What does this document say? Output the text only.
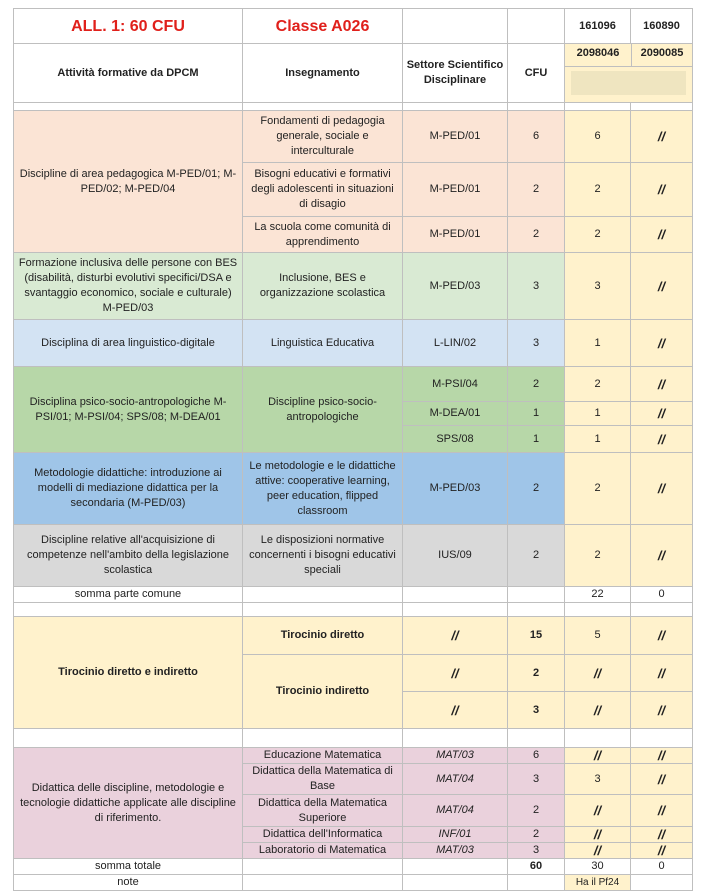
ALL. 1: 60 CFU	Classe A026			161096	160890
Attività formative da DPCM	Insegnamento	Settore Scientifico Disciplinare	CFU	2098046 2090085	

Discipline di area pedagogica M-PED/01; M-PED/02; M-PED/04	Fondamenti di pedagogia generale, sociale e interculturale	M-PED/01	6	6	//
	Bisogni educativi e formativi degli adolescenti in situazioni di disagio	M-PED/01	2	2	//
	La scuola come comunità di apprendimento	M-PED/01	2	2	//
Formazione inclusiva delle persone con BES (disabilità, disturbi evolutivi specifici/DSA e svantaggio economico, sociale e culturale) M-PED/03	Inclusione, BES e organizzazione scolastica	M-PED/03	3	3	//
Disciplina di area linguistico-digitale	Linguistica Educativa	L-LIN/02	3	1	//
Disciplina psico-socio-antropologiche M-PSI/01; M-PSI/04; SPS/08; M-DEA/01	Discipline psico-socio-antropologiche	M-PSI/04	2	2	//
		M-DEA/01	1	1	//
		SPS/08	1	1	//
Metodologie didattiche: introduzione ai modelli di mediazione didattica per la secondaria (M-PED/03)	Le metodologie e le didattiche attive: cooperative learning, peer education, flipped classroom	M-PED/03	2	2	//
Discipline relative all'acquisizione di competenze nell'ambito della legislazione scolastica	Le disposizioni normative concernenti i bisogni educativi speciali	IUS/09	2	2	//
somma parte comune				22	0

Tirocinio diretto e indiretto	Tirocinio diretto	//	15	5	//
	Tirocinio indiretto	//	2	//	//
		//	3	//	//

Didattica delle discipline, metodologie e tecnologie didattiche applicate alle discipline di riferimento.	Educazione Matematica	MAT/03	6	//	//
	Didattica della Matematica di Base	MAT/04	3	3	//
	Didattica della Matematica Superiore	MAT/04	2	//	//
	Didattica dell'Informatica	INF/01	2	//	//
	Laboratorio di Matematica	MAT/03	3	//	//
somma totale			60	30	0
note				Ha il Pf24	
